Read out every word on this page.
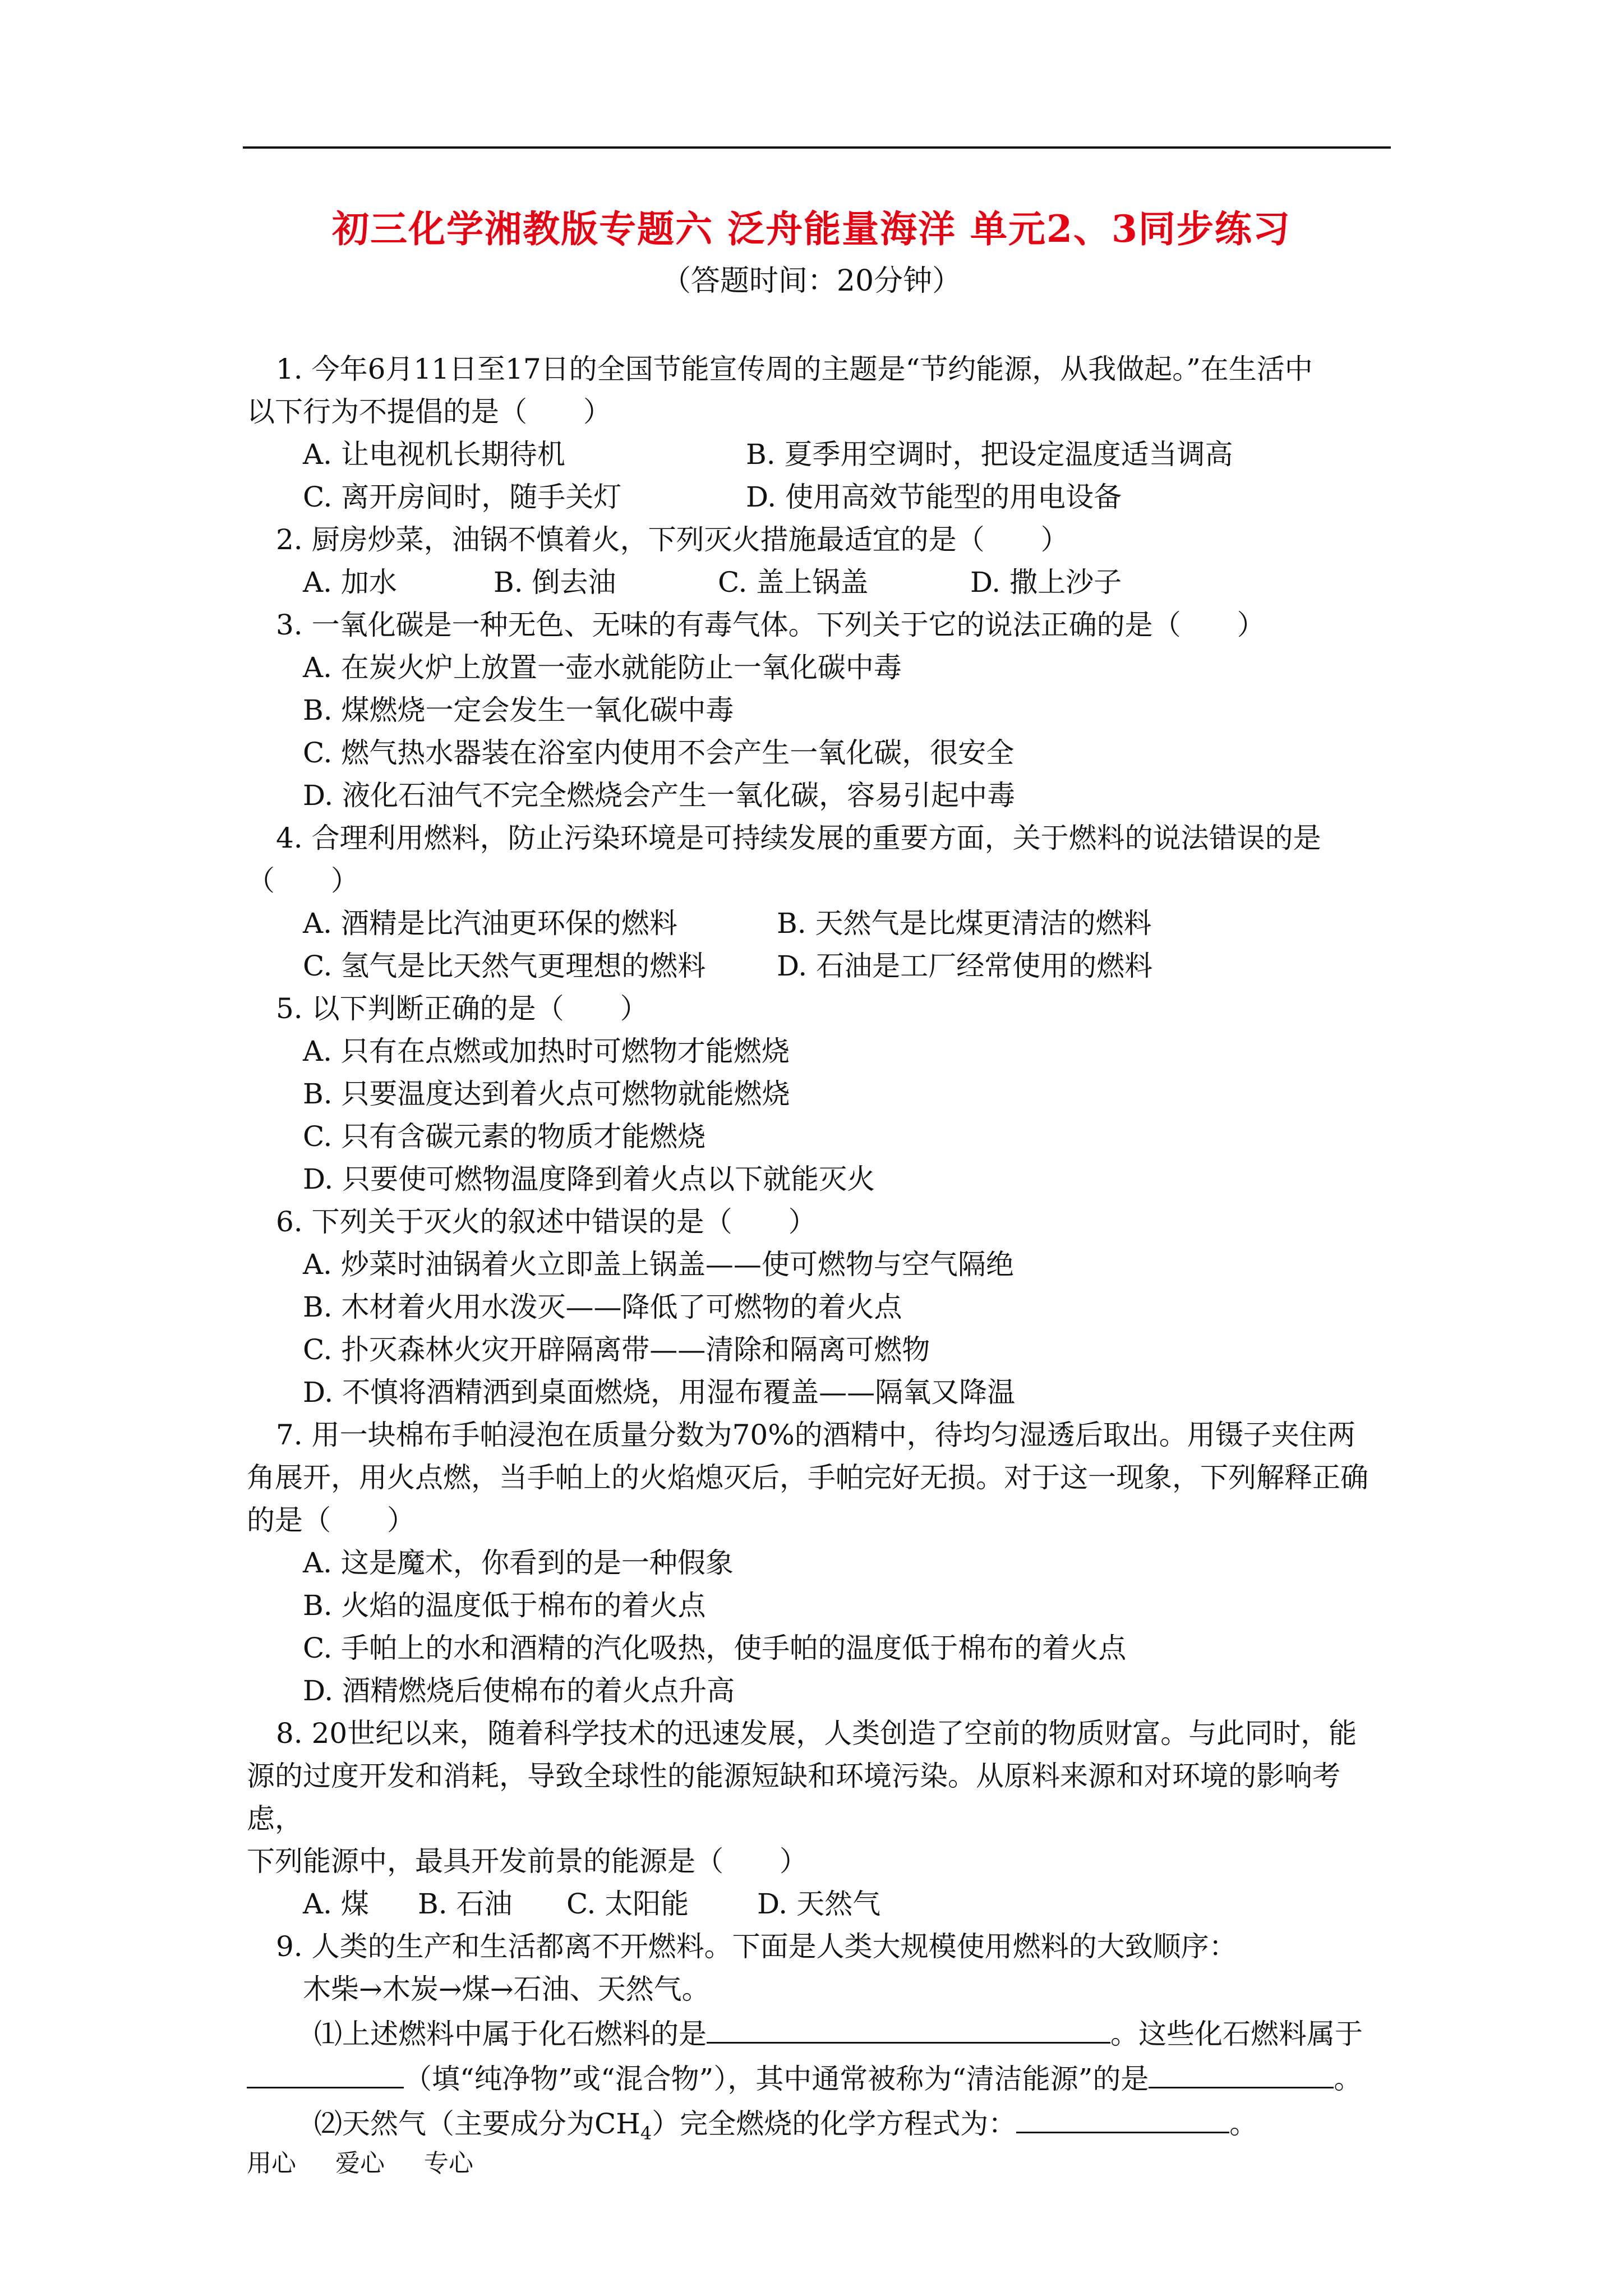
初三化学湘教版专题六 泛舟能量海洋 单元2、3同步练习
（答题时间：20分钟）

1. 今年6月11日至17日的全国节能宣传周的主题是“节约能源，从我做起。”在生活中

以下行为不提倡的是（　　）

A. 让电视机长期待机	B. 夏季用空调时，把设定温度适当调高
C. 离开房间时，随手关灯	D. 使用高效节能型的用电设备

2. 厨房炒菜，油锅不慎着火，下列灭火措施最适宜的是（　　）

A. 加水	B. 倒去油	C. 盖上锅盖	D. 撒上沙子

3. 一氧化碳是一种无色、无味的有毒气体。下列关于它的说法正确的是（　　）

A. 在炭火炉上放置一壶水就能防止一氧化碳中毒

B. 煤燃烧一定会发生一氧化碳中毒

C. 燃气热水器装在浴室内使用不会产生一氧化碳，很安全

D. 液化石油气不完全燃烧会产生一氧化碳，容易引起中毒

4. 合理利用燃料，防止污染环境是可持续发展的重要方面，关于燃料的说法错误的是（　　）

A. 酒精是比汽油更环保的燃料	B. 天然气是比煤更清洁的燃料
C. 氢气是比天然气更理想的燃料	D. 石油是工厂经常使用的燃料

5. 以下判断正确的是（　　）

A. 只有在点燃或加热时可燃物才能燃烧

B. 只要温度达到着火点可燃物就能燃烧

C. 只有含碳元素的物质才能燃烧

D. 只要使可燃物温度降到着火点以下就能灭火

6. 下列关于灭火的叙述中错误的是（　　）

A. 炒菜时油锅着火立即盖上锅盖——使可燃物与空气隔绝

B. 木材着火用水泼灭——降低了可燃物的着火点

C. 扑灭森林火灾开辟隔离带——清除和隔离可燃物

D. 不慎将酒精洒到桌面燃烧，用湿布覆盖——隔氧又降温

7. 用一块棉布手帕浸泡在质量分数为70%的酒精中，待均匀湿透后取出。用镊子夹住两

角展开，用火点燃，当手帕上的火焰熄灭后，手帕完好无损。对于这一现象，下列解释正确

的是（　　）

A. 这是魔术，你看到的是一种假象

B. 火焰的温度低于棉布的着火点

C. 手帕上的水和酒精的汽化吸热，使手帕的温度低于棉布的着火点

D. 酒精燃烧后使棉布的着火点升高

8. 20世纪以来，随着科学技术的迅速发展，人类创造了空前的物质财富。与此同时，能

源的过度开发和消耗，导致全球性的能源短缺和环境污染。从原料来源和对环境的影响考虑，

下列能源中，最具开发前景的能源是（　　）

A. 煤	B. 石油	C. 太阳能	D. 天然气

9. 人类的生产和生活都离不开燃料。下面是人类大规模使用燃料的大致顺序：

木柴→木炭→煤→石油、天然气。

⑴上述燃料中属于化石燃料的是	。这些化石燃料属于

（填“纯净物”或“混合物”），其中通常被称为“清洁能源”的是	。

⑵天然气（主要成分为$CH_4$）完全燃烧的化学方程式为：	。

用心 爱心 专心
